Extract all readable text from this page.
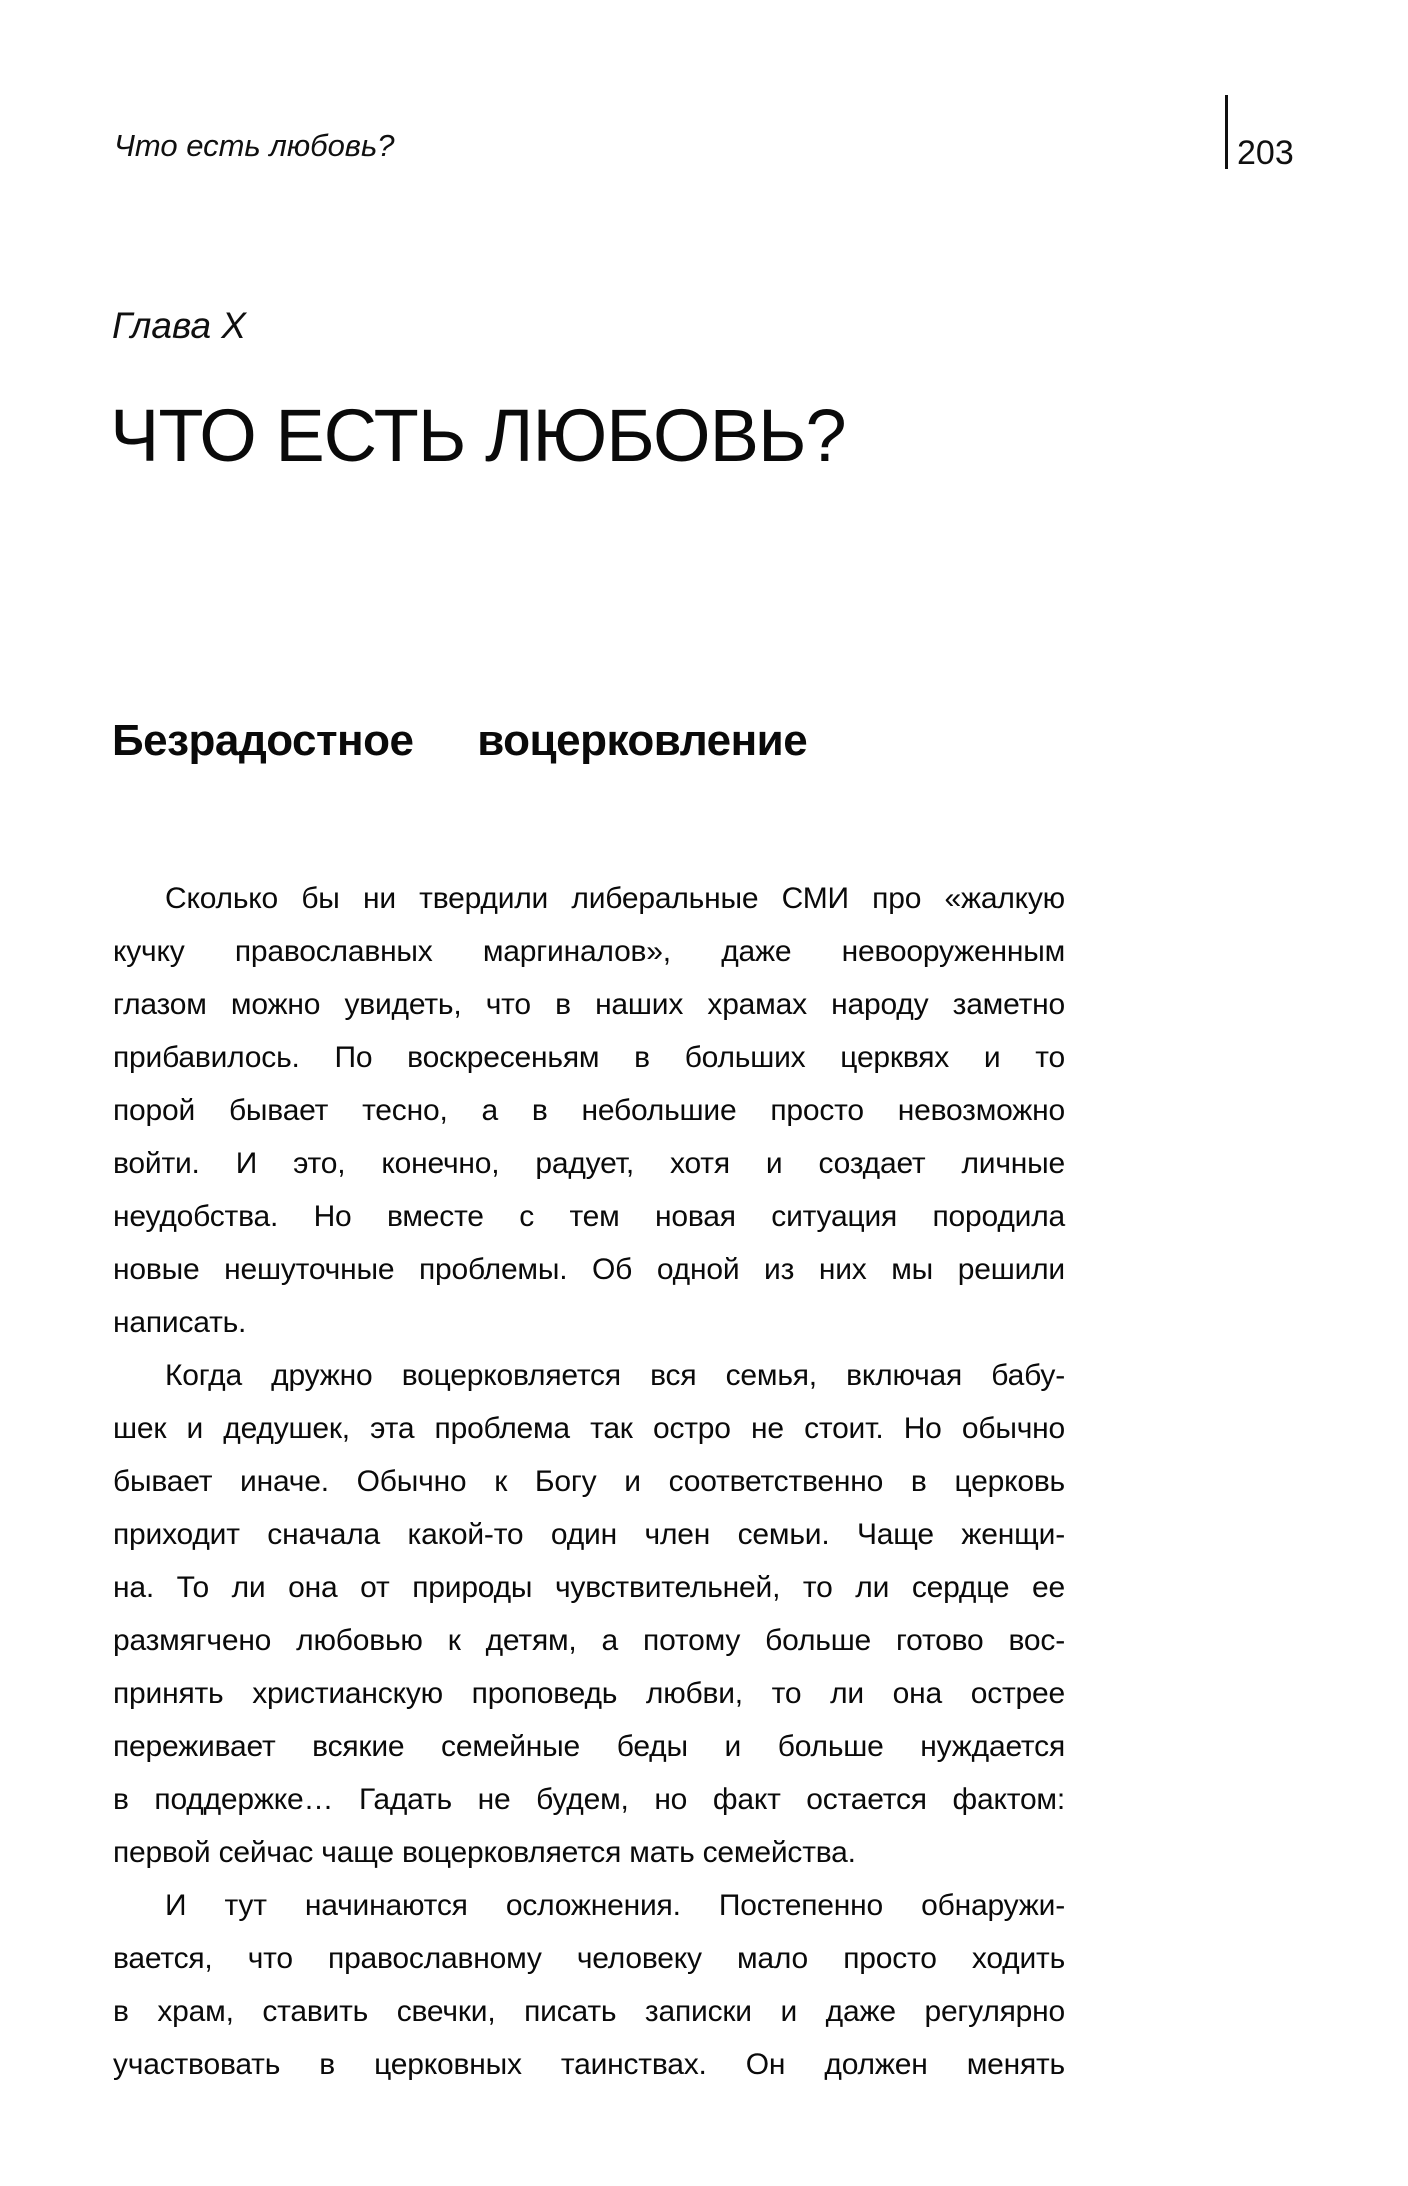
Что есть любовь?	203
Глава X
ЧТО ЕСТЬ ЛЮБОВЬ?
Безрадостное воцерковление
Сколько бы ни твердили либеральные СМИ про «жалкую
кучку православных маргиналов», даже невооруженным
глазом можно увидеть, что в наших храмах народу заметно
прибавилось. По воскресеньям в больших церквях и то
порой бывает тесно, а в небольшие просто невозможно
войти. И это, конечно, радует, хотя и создает личные
неудобства. Но вместе с тем новая ситуация породила
новые нешуточные проблемы. Об одной из них мы решили
написать.
Когда дружно воцерковляется вся семья, включая бабу-
шек и дедушек, эта проблема так остро не стоит. Но обычно
бывает иначе. Обычно к Богу и соответственно в церковь
приходит сначала какой-то один член семьи. Чаще женщи-
на. То ли она от природы чувствительней, то ли сердце ее
размягчено любовью к детям, а потому больше готово вос-
принять христианскую проповедь любви, то ли она острее
переживает всякие семейные беды и больше нуждается
в поддержке… Гадать не будем, но факт остается фактом:
первой сейчас чаще воцерковляется мать семейства.
И тут начинаются осложнения. Постепенно обнаружи-
вается, что православному человеку мало просто ходить
в храм, ставить свечки, писать записки и даже регулярно
участвовать в церковных таинствах. Он должен менять
